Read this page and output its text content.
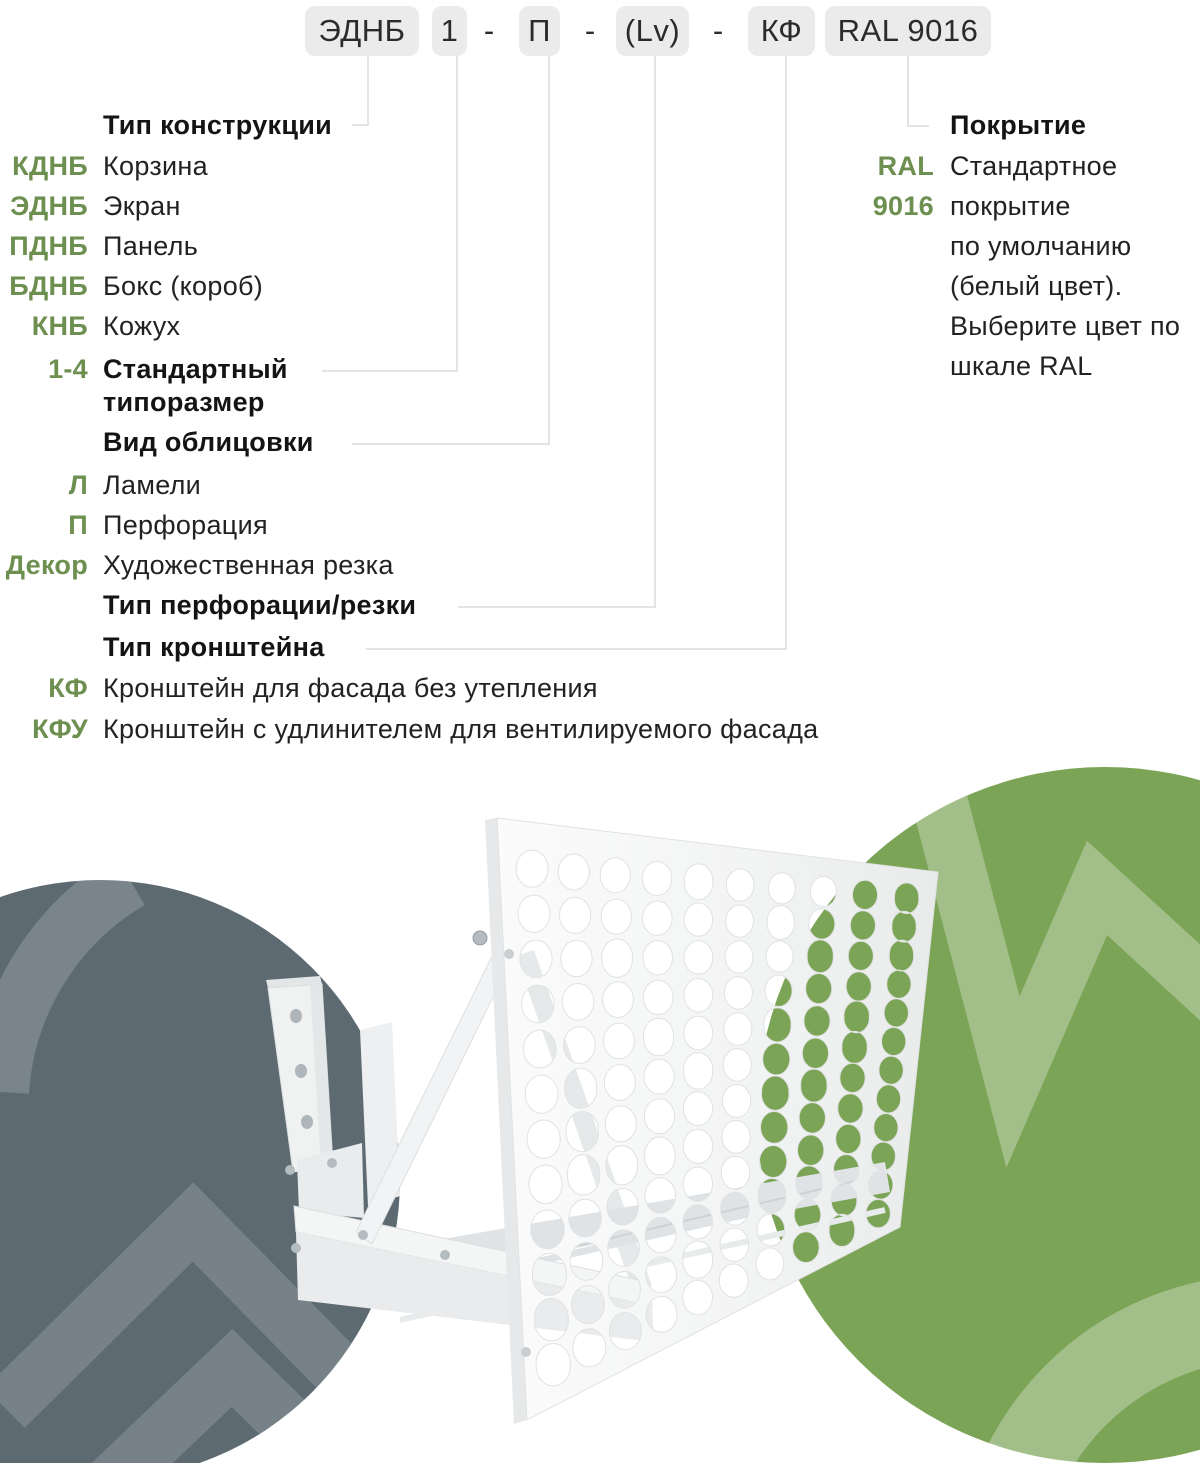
ЭДНБ 1 - П - (Lv) - КФ RAL 9016
Тип конструкции
КДНБ Корзина
ЭДНБ Экран
ПДНБ Панель
БДНБ Бокс (короб)
КНБ Кожух
1-4 Стандартный
типоразмер
Вид облицовки
Л Ламели
П Перфорация
Декор Художественная резка
Тип перфорации/резки
Тип кронштейна
КФ Кронштейн для фасада без утепления
КФУ Кронштейн с удлинителем для вентилируемого фасада
Покрытие
RAL
9016
Стандартное
покрытие
по умолчанию
(белый цвет).
Выберите цвет по
шкале RAL
